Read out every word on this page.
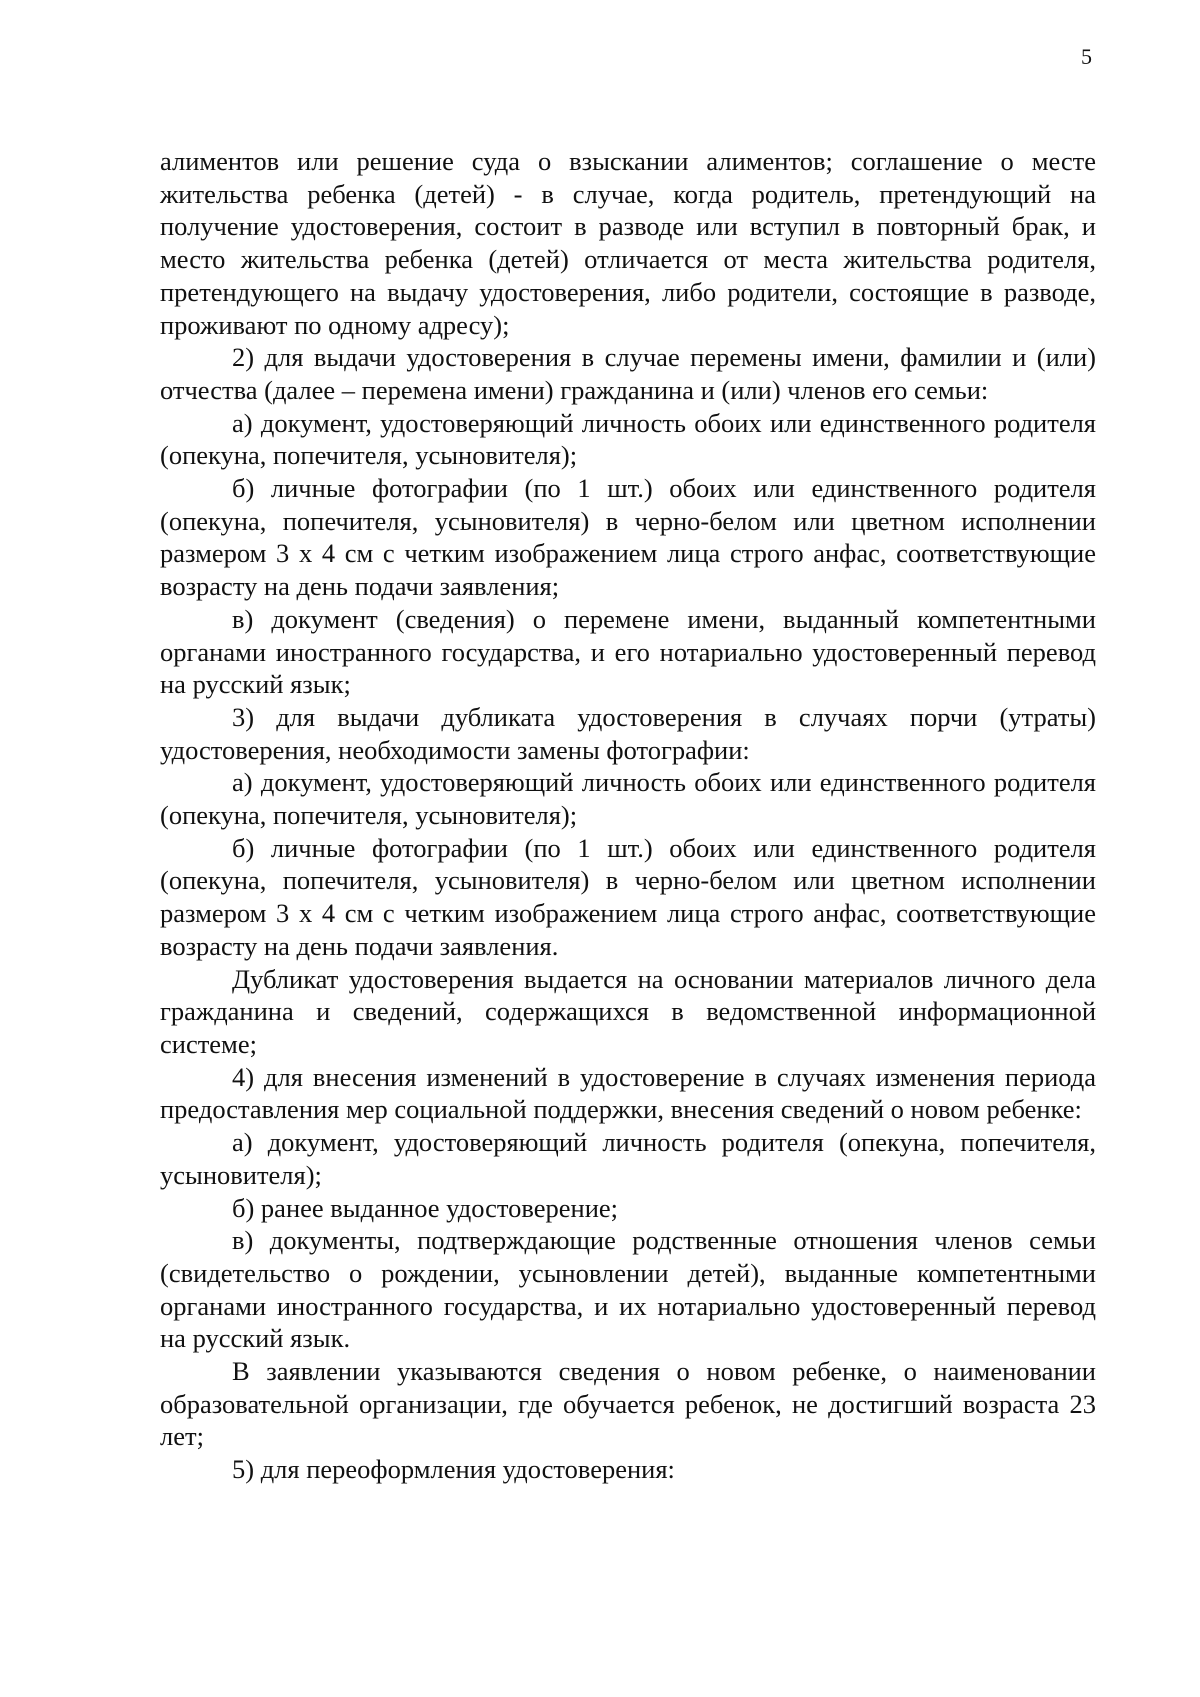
5

алиментов или решение суда о взыскании алиментов; соглашение о месте жительства ребенка (детей) - в случае, когда родитель, претендующий на получение удостоверения, состоит в разводе или вступил в повторный брак, и место жительства ребенка (детей) отличается от места жительства родителя, претендующего на выдачу удостоверения, либо родители, состоящие в разводе, проживают по одному адресу);

2) для выдачи удостоверения в случае перемены имени, фамилии и (или) отчества (далее – перемена имени) гражданина и (или) членов его семьи:

а) документ, удостоверяющий личность обоих или единственного родителя (опекуна, попечителя, усыновителя);

б) личные фотографии (по 1 шт.) обоих или единственного родителя (опекуна, попечителя, усыновителя) в черно-белом или цветном исполнении размером 3 х 4 см с четким изображением лица строго анфас, соответствующие возрасту на день подачи заявления;

в) документ (сведения) о перемене имени, выданный компетентными органами иностранного государства, и его нотариально удостоверенный перевод на русский язык;

3) для выдачи дубликата удостоверения в случаях порчи (утраты) удостоверения, необходимости замены фотографии:

а) документ, удостоверяющий личность обоих или единственного родителя (опекуна, попечителя, усыновителя);

б) личные фотографии (по 1 шт.) обоих или единственного родителя (опекуна, попечителя, усыновителя) в черно-белом или цветном исполнении размером 3 х 4 см с четким изображением лица строго анфас, соответствующие возрасту на день подачи заявления.

Дубликат удостоверения выдается на основании материалов личного дела гражданина и сведений, содержащихся в ведомственной информационной системе;

4) для внесения изменений в удостоверение в случаях изменения периода предоставления мер социальной поддержки, внесения сведений о новом ребенке:

а) документ, удостоверяющий личность родителя (опекуна, попечителя, усыновителя);

б) ранее выданное удостоверение;

в) документы, подтверждающие родственные отношения членов семьи (свидетельство о рождении, усыновлении детей), выданные компетентными органами иностранного государства, и их нотариально удостоверенный перевод на русский язык.

В заявлении указываются сведения о новом ребенке, о наименовании образовательной организации, где обучается ребенок, не достигший возраста 23 лет;

5) для переоформления удостоверения:
